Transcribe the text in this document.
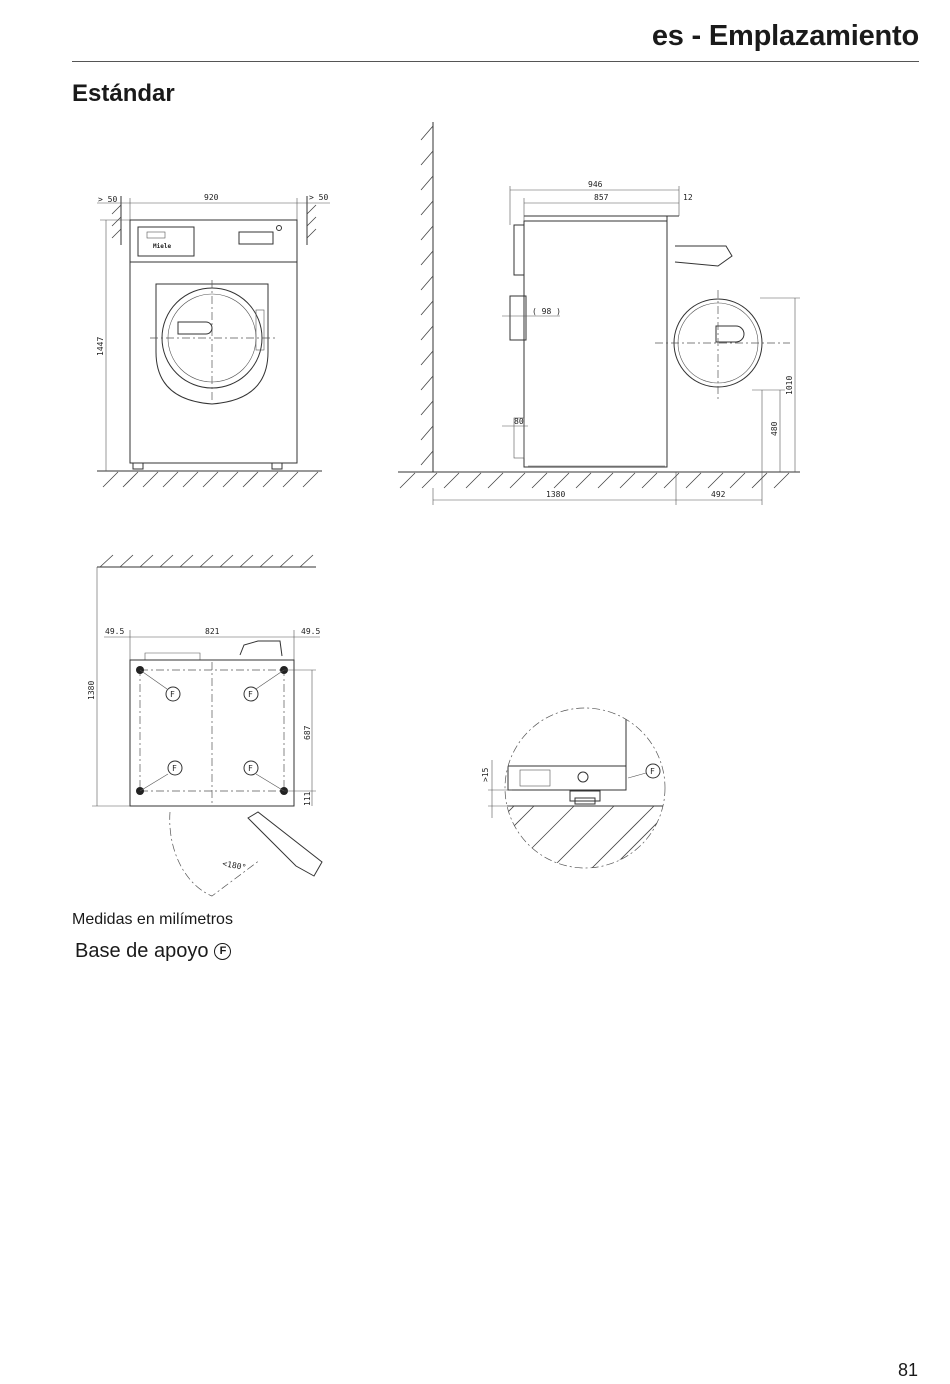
es - Emplazamiento
Estándar
Miele
> 50	920	> 50
1447
946
857	12
( 98 )
80
1380	492
1010
480
49.5	821	49.5
F	F
F	F
1380
687
111
<180°
>15	F
Medidas en milímetros
Base de apoyo	F
81
